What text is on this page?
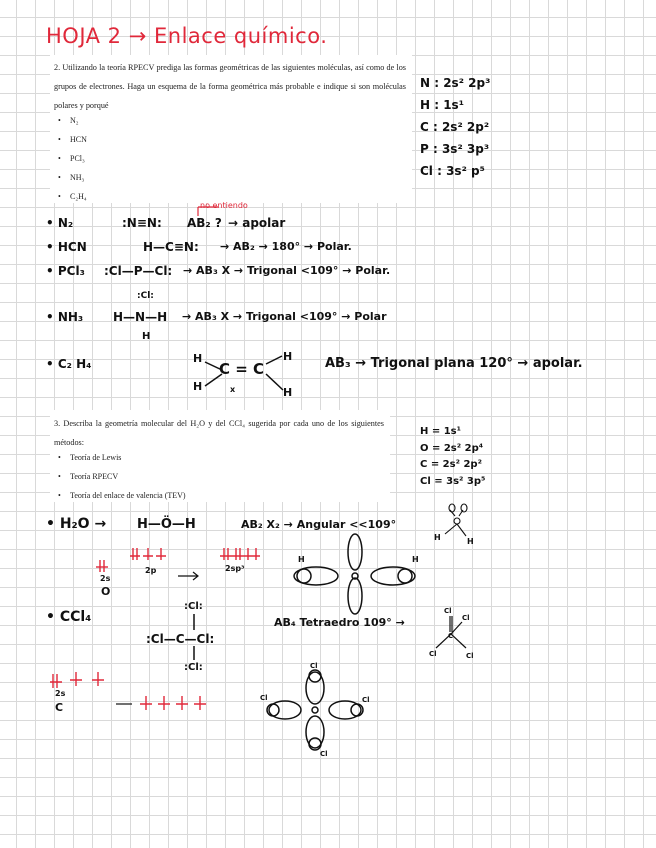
HOJA 2 → Enlace químico.
2. Utilizando la teoría RPECV prediga las formas geométricas de las siguientes moléculas, así como de los grupos de electrones. Haga un esquema de la forma geométrica más probable e indique si son moléculas polares y porqué
• N₂
• HCN
• PCl₃
• NH₃
• C₂H₄
N : 2s² 2p³
H : 1s¹
C : 2s² 2p²
P : 3s² 3p³
Cl : 3s² p⁵
no entiendo
• N₂	:N≡N: AB₂ ? → apolar
• HCN	H—C≡N: → AB₂ → 180° → Polar.
• PCl₃ :Cl—P—Cl:
:Cl:
→ AB₃ X → Trigonal <109° → Polar.
• NH₃ H—N—H
H
→ AB₃ X → Trigonal <109° → Polar
• C₂ H₄	C = C	AB₃ → Trigonal plana 120° → apolar.
3. Describa la geometría molecular del H₂O y del CCl₄ sugerida por cada uno de los siguientes métodos:
• Teoría de Lewis
• Teoría RPECV
• Teoría del enlace de valencia (TEV)
H = 1s¹
O = 2s² 2p⁴
C = 2s² 2p²
Cl = 3s² 3p⁵
• H₂O → H—Ö—H	AB₂ X₂ → Angular <<109°
2s
O
2p	2sp³
• CCl₄
:Cl:
:Cl—C—Cl:
:Cl:
AB₄ Tetraedro 109° →
2s
C
H
H
H
H
x
H	H
H	H
Cl
Cl
Cl	Cl
C
Cl
Cl	Cl
Cl
